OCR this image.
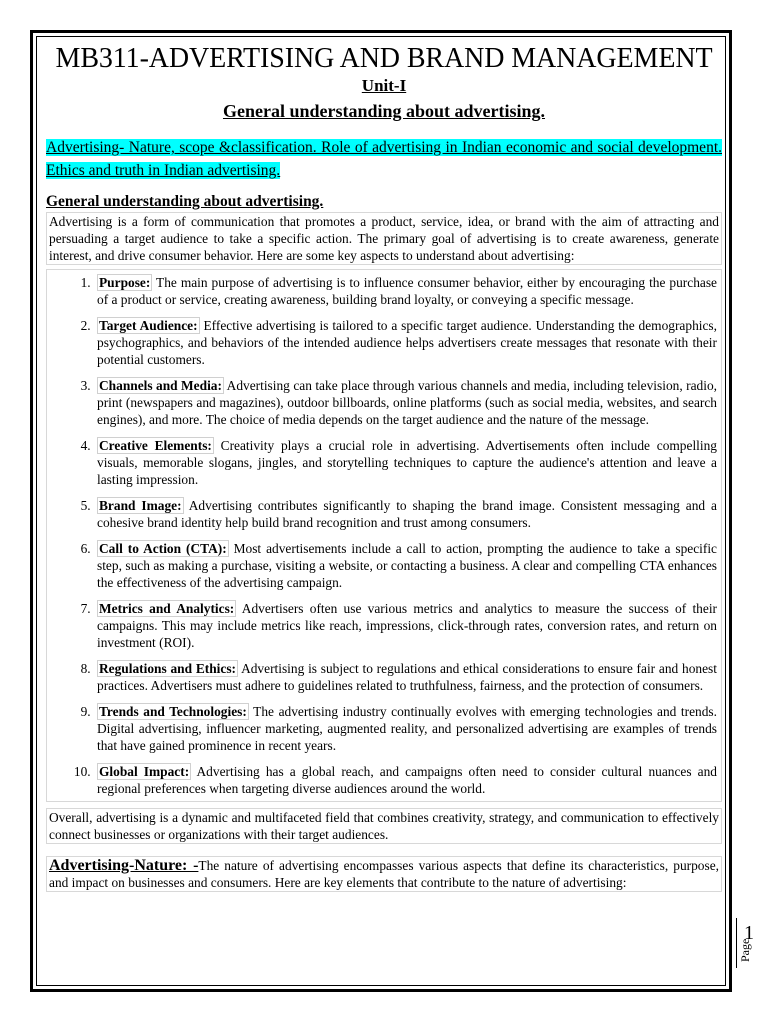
MB311-ADVERTISING AND BRAND MANAGEMENT
Unit-I
General understanding about advertising.
Advertising- Nature, scope &classification. Role of advertising in Indian economic and social development. Ethics and truth in Indian advertising.
General understanding about advertising.
Advertising is a form of communication that promotes a product, service, idea, or brand with the aim of attracting and persuading a target audience to take a specific action. The primary goal of advertising is to create awareness, generate interest, and drive consumer behavior. Here are some key aspects to understand about advertising:
1. Purpose: The main purpose of advertising is to influence consumer behavior, either by encouraging the purchase of a product or service, creating awareness, building brand loyalty, or conveying a specific message.
2. Target Audience: Effective advertising is tailored to a specific target audience. Understanding the demographics, psychographics, and behaviors of the intended audience helps advertisers create messages that resonate with their potential customers.
3. Channels and Media: Advertising can take place through various channels and media, including television, radio, print (newspapers and magazines), outdoor billboards, online platforms (such as social media, websites, and search engines), and more. The choice of media depends on the target audience and the nature of the message.
4. Creative Elements: Creativity plays a crucial role in advertising. Advertisements often include compelling visuals, memorable slogans, jingles, and storytelling techniques to capture the audience's attention and leave a lasting impression.
5. Brand Image: Advertising contributes significantly to shaping the brand image. Consistent messaging and a cohesive brand identity help build brand recognition and trust among consumers.
6. Call to Action (CTA): Most advertisements include a call to action, prompting the audience to take a specific step, such as making a purchase, visiting a website, or contacting a business. A clear and compelling CTA enhances the effectiveness of the advertising campaign.
7. Metrics and Analytics: Advertisers often use various metrics and analytics to measure the success of their campaigns. This may include metrics like reach, impressions, click-through rates, conversion rates, and return on investment (ROI).
8. Regulations and Ethics: Advertising is subject to regulations and ethical considerations to ensure fair and honest practices. Advertisers must adhere to guidelines related to truthfulness, fairness, and the protection of consumers.
9. Trends and Technologies: The advertising industry continually evolves with emerging technologies and trends. Digital advertising, influencer marketing, augmented reality, and personalized advertising are examples of trends that have gained prominence in recent years.
10. Global Impact: Advertising has a global reach, and campaigns often need to consider cultural nuances and regional preferences when targeting diverse audiences around the world.
Overall, advertising is a dynamic and multifaceted field that combines creativity, strategy, and communication to effectively connect businesses or organizations with their target audiences.
Advertising-Nature: -The nature of advertising encompasses various aspects that define its characteristics, purpose, and impact on businesses and consumers. Here are key elements that contribute to the nature of advertising:
Page
1
